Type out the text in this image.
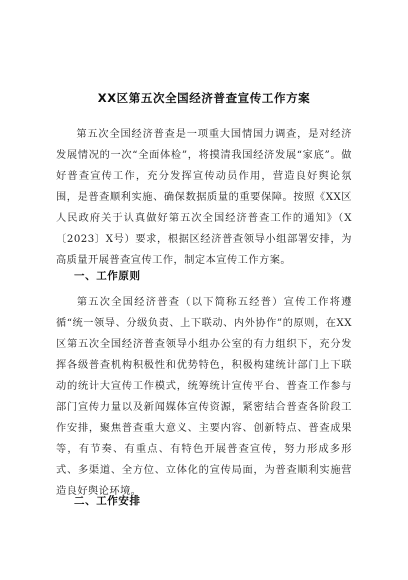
XX区第五次全国经济普查宣传工作方案
第五次全国经济普查是一项重大国情国力调查，是对经济发展情况的一次“全面体检”，将摸清我国经济发展“家底”。做好普查宣传工作，充分发挥宣传动员作用，营造良好舆论氛围，是普查顺利实施、确保数据质量的重要保障。按照《XX区人民政府关于认真做好第五次全国经济普查工作的通知》（X〔2023〕X号）要求，根据区经济普查领导小组部署安排，为高质量开展普查宣传工作，制定本宣传工作方案。
一、工作原则
第五次全国经济普查（以下简称五经普）宣传工作将遵循“统一领导、分级负责、上下联动、内外协作”的原则，在XX区第五次全国经济普查领导小组办公室的有力组织下，充分发挥各级普查机构积极性和优势特色，积极构建统计部门上下联动的统计大宣传工作模式，统筹统计宣传平台、普查工作参与部门宣传力量以及新闻媒体宣传资源，紧密结合普查各阶段工作安排，聚焦普查重大意义、主要内容、创新特点、普查成果等，有节奏、有重点、有特色开展普查宣传，努力形成多形式、多渠道、全方位、立体化的宣传局面，为普查顺利实施营造良好舆论环境。
二、工作安排
